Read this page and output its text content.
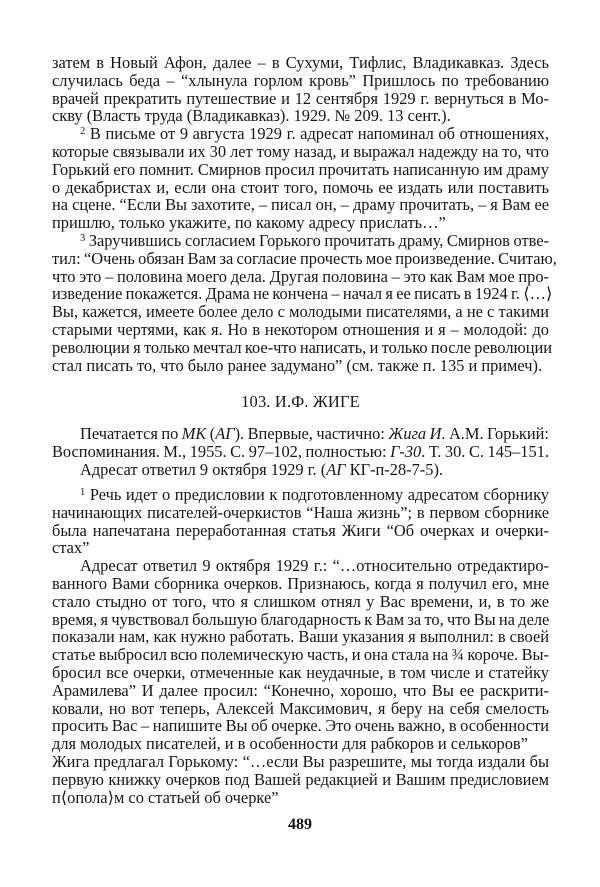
затем в Новый Афон, далее – в Сухуми, Тифлис, Владикавказ. Здесь
случилась беда – “хлынула горлом кровь” Пришлось по требованию
врачей прекратить путешествие и 12 сентября 1929 г. вернуться в Мо-
скву (Власть труда (Владикавказ). 1929. № 209. 13 сент.).
$^2$ В письме от 9 августа 1929 г. адресат напоминал об отношениях,
которые связывали их 30 лет тому назад, и выражал надежду на то, что
Горький его помнит. Смирнов просил прочитать написанную им драму
о декабристах и, если она стоит того, помочь ее издать или поставить
на сцене. “Если Вы захотите, – писал он, – драму прочитать, – я Вам ее
пришлю, только укажите, по какому адресу прислать…”
$^3$ Заручившись согласием Горького прочитать драму, Смирнов отве-
тил: “Очень обязан Вам за согласие прочесть мое произведение. Считаю,
что это – половина моего дела. Другая половина – это как Вам мое про-
изведение покажется. Драма не кончена – начал я ее писать в 1924 г. ⟨…⟩
Вы, кажется, имеете более дело с молодыми писателями, а не с такими
старыми чертями, как я. Но в некотором отношения и я – молодой: до
революции я только мечтал кое-что написать, и только после революции
стал писать то, что было ранее задумано” (см. также п. 135 и примеч).
103. И.Ф. ЖИГЕ
Печатается по МК (АГ). Впервые, частично: Жига И. А.М. Горький:
Воспоминания. М., 1955. С. 97–102, полностью: Г-30. Т. 30. С. 145–151.
Адресат ответил 9 октября 1929 г. (АГ КГ-п-28-7-5).
$^1$ Речь идет о предисловии к подготовленному адресатом сборнику
начинающих писателей-очеркистов “Наша жизнь”; в первом сборнике
была напечатана переработанная статья Жиги “Об очерках и очерки-
стах”
Адресат ответил 9 октября 1929 г.: “…относительно отредактиро-
ванного Вами сборника очерков. Признаюсь, когда я получил его, мне
стало стыдно от того, что я слишком отнял у Вас времени, и, в то же
время, я чувствовал большую благодарность к Вам за то, что Вы на деле
показали нам, как нужно работать. Ваши указания я выполнил: в своей
статье выбросил всю полемическую часть, и она стала на ¾ короче. Вы-
бросил все очерки, отмеченные как неудачные, в том числе и статейку
Арамилева” И далее просил: “Конечно, хорошо, что Вы ее раскрити-
ковали, но вот теперь, Алексей Максимович, я беру на себя смелость
просить Вас – напишите Вы об очерке. Это очень важно, в особенности
для молодых писателей, и в особенности для рабкоров и селькоров”
Жига предлагал Горькому: “…если Вы разрешите, мы тогда издали бы
первую книжку очерков под Вашей редакцией и Вашим предисловием
п⟨опола⟩м со статьей об очерке”
489
